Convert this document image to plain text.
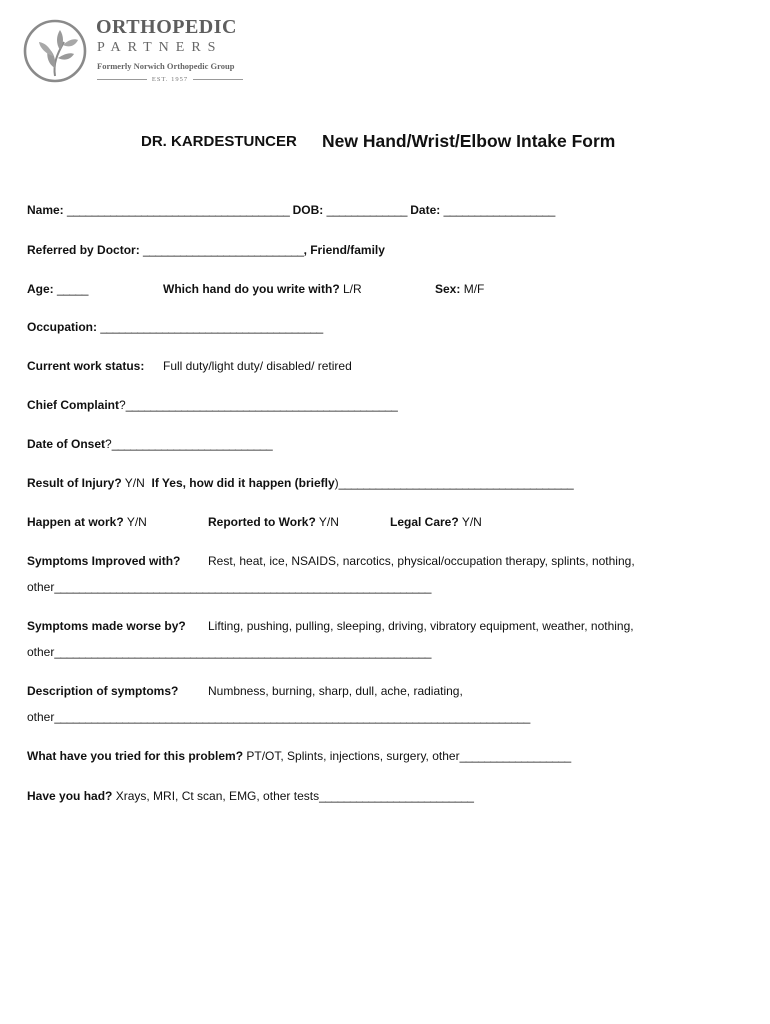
ORTHOPEDIC
PARTNERS
Formerly Norwich Orthopedic Group
EST. 1957
DR. KARDESTUNCER New Hand/Wrist/Elbow Intake Form
Name: ____________________________________ DOB: _____________ Date: __________________
Referred by Doctor: __________________________, Friend/family
Age: _____	Which hand do you write with? L/R	Sex: M/F
Occupation: ____________________________________
Current work status: Full duty/light duty/ disabled/ retired
Chief Complaint?____________________________________________
Date of Onset?__________________________
Result of Injury? Y/N If Yes, how did it happen (briefly)______________________________________
Happen at work? Y/N	Reported to Work? Y/N	Legal Care? Y/N
Symptoms Improved with? Rest, heat, ice, NSAIDS, narcotics, physical/occupation therapy, splints, nothing,
other_____________________________________________________________
Symptoms made worse by? Lifting, pushing, pulling, sleeping, driving, vibratory equipment, weather, nothing,
other_____________________________________________________________
Description of symptoms? Numbness, burning, sharp, dull, ache, radiating,
other_____________________________________________________________________________
What have you tried for this problem? PT/OT, Splints, injections, surgery, other__________________
Have you had? Xrays, MRI, Ct scan, EMG, other tests_________________________
